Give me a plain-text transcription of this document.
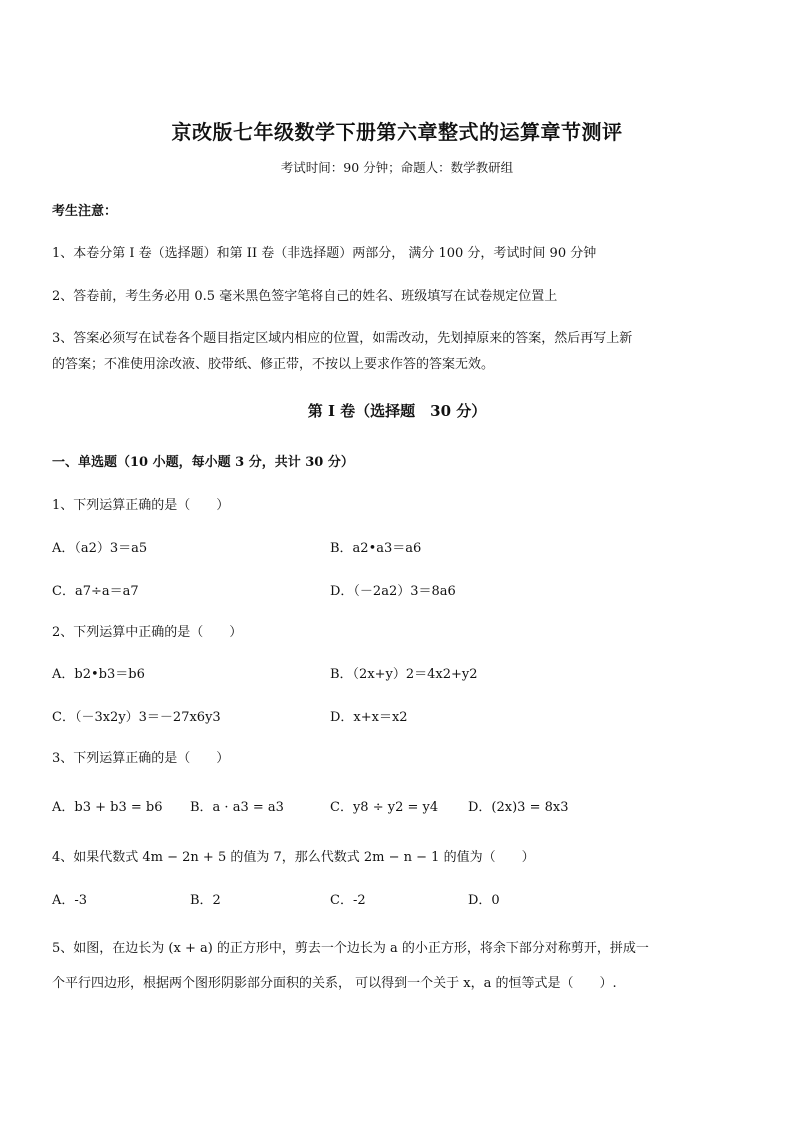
京改版七年级数学下册第六章整式的运算章节测评
考试时间：90 分钟；命题人：数学教研组
考生注意：
1、本卷分第 I 卷（选择题）和第 II 卷（非选择题）两部分， 满分 100 分，考试时间 90 分钟
2、答卷前，考生务必用 0.5 毫米黑色签字笔将自己的姓名、班级填写在试卷规定位置上
3、答案必须写在试卷各个题目指定区域内相应的位置，如需改动，先划掉原来的答案，然后再写上新
的答案；不准使用涂改液、胶带纸、修正带，不按以上要求作答的答案无效。
第 I 卷（选择题　30 分）
一、单选题（10 小题，每小题 3 分，共计 30 分）
1、下列运算正确的是（　　）
A．（a2）3＝a5	B．a2•a3＝a6
C．a7÷a＝a7	D．（－2a2）3＝8a6
2、下列运算中正确的是（　　）
A．b2•b3＝b6	B．（2x+y）2＝4x2+y2
C．（－3x2y）3＝－27x6y3	D．x+x＝x2
3、下列运算正确的是（　　）
A．b3 + b3 = b6 B．a · a3 = a3	C．y8 ÷ y2 = y4 D．(2x)3 = 8x3
4、如果代数式 4m − 2n + 5 的值为 7，那么代数式 2m − n − 1 的值为（　　）
A．-3	B．2	C．-2	D．0
5、如图，在边长为 (x + a) 的正方形中，剪去一个边长为 a 的小正方形，将余下部分对称剪开，拼成一
个平行四边形，根据两个图形阴影部分面积的关系， 可以得到一个关于 x，a 的恒等式是（　　）.
